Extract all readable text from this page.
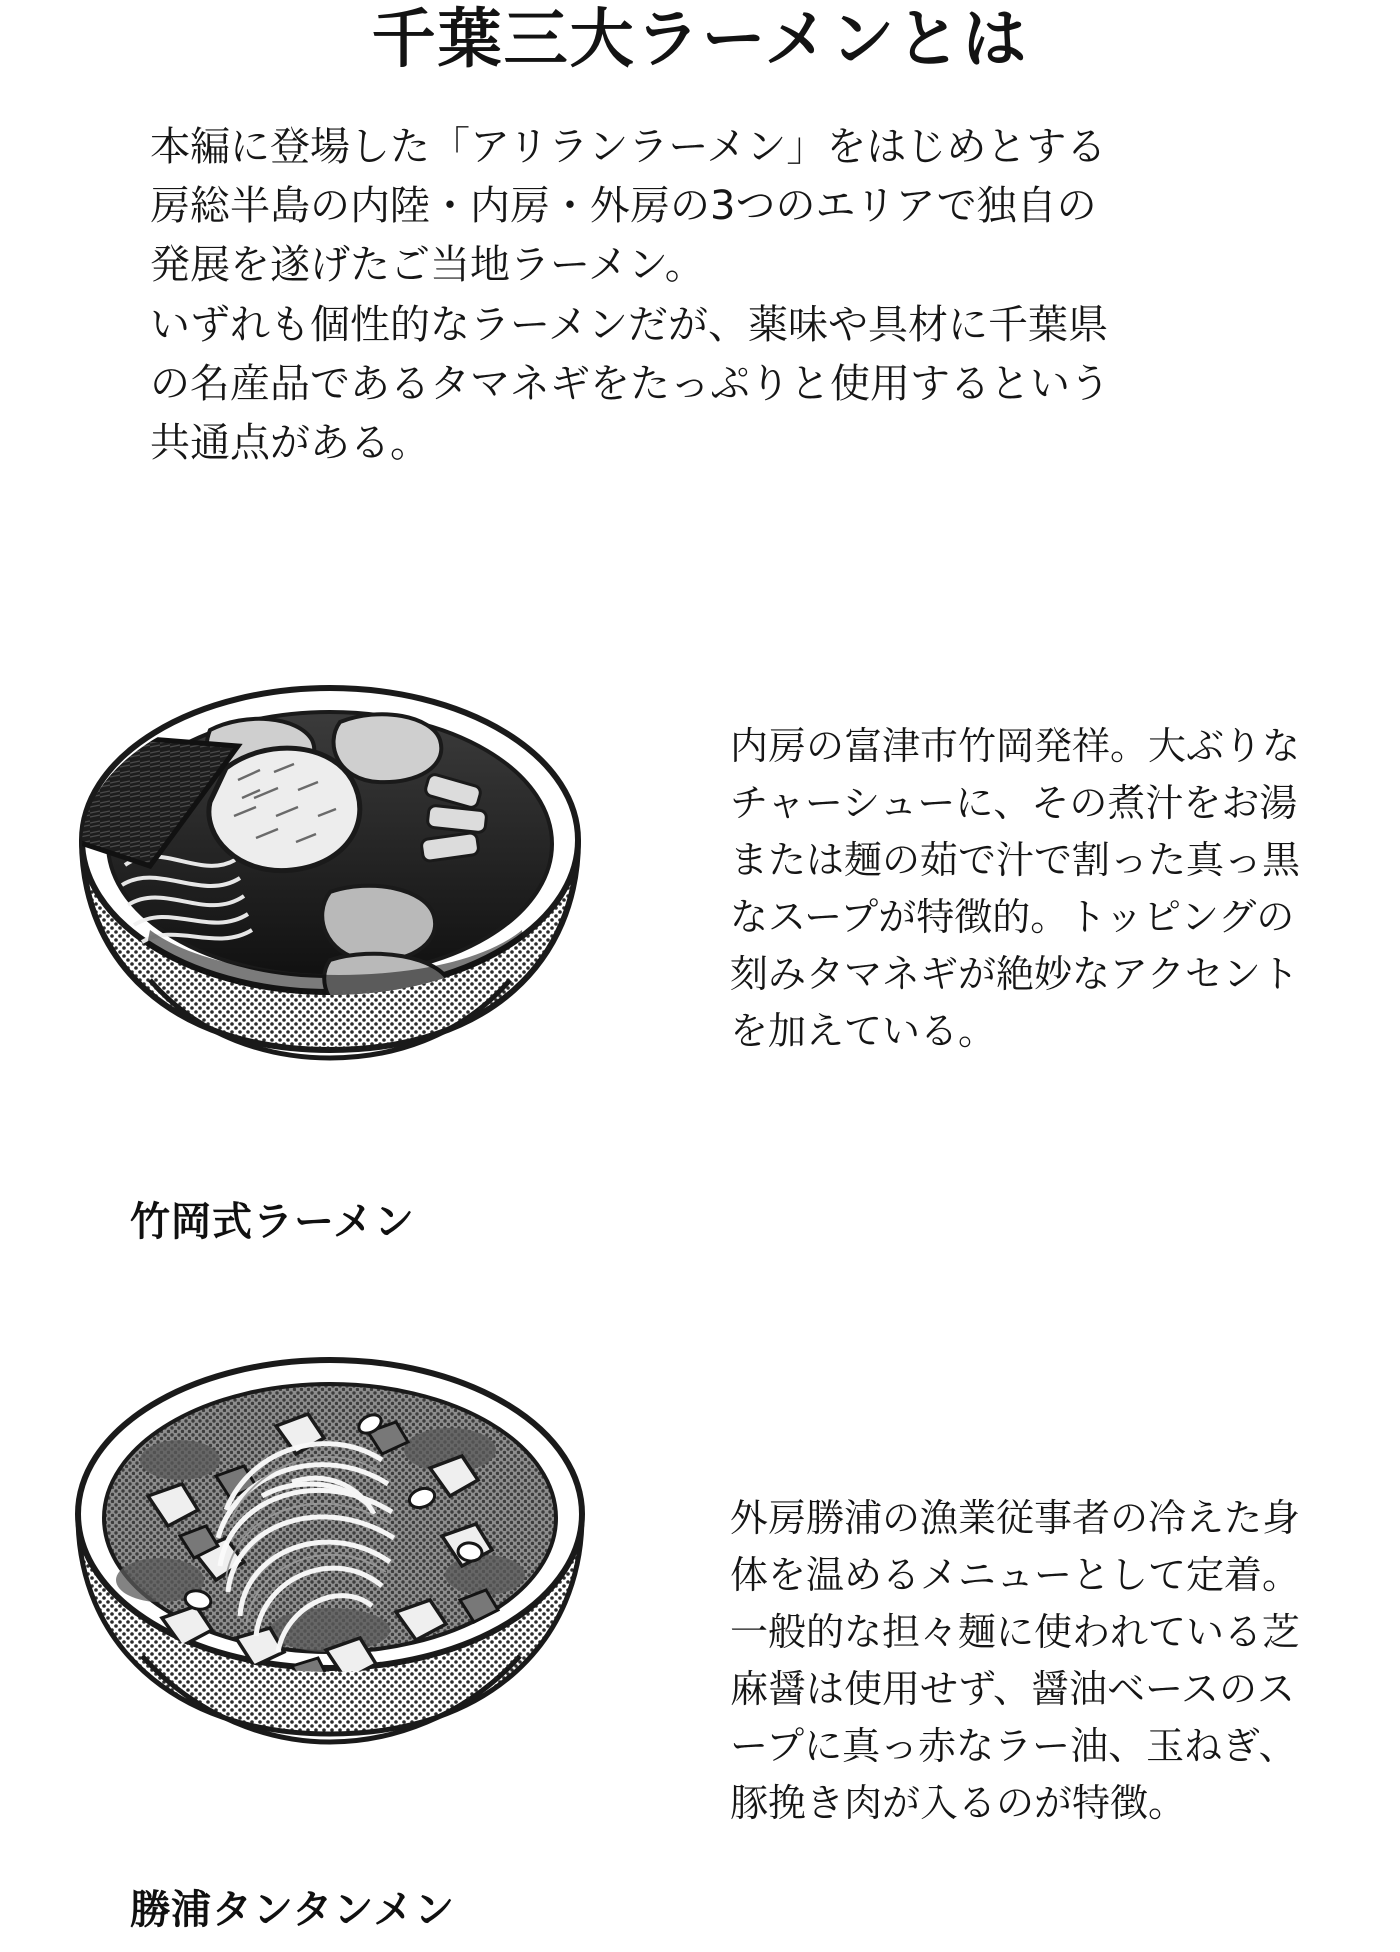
千葉三大ラーメンとは

本編に登場した「アリランラーメン」をはじめとする

房総半島の内陸・内房・外房の3つのエリアで独自の

発展を遂げたご当地ラーメン。

いずれも個性的なラーメンだが、薬味や具材に千葉県

の名産品であるタマネギをたっぷりと使用するという

共通点がある。

竹岡式ラーメン

内房の富津市竹岡発祥。大ぶりな

チャーシューに、その煮汁をお湯

または麺の茹で汁で割った真っ黒

なスープが特徴的。トッピングの

刻みタマネギが絶妙なアクセント

を加えている。

勝浦タンタンメン

外房勝浦の漁業従事者の冷えた身

体を温めるメニューとして定着。

一般的な担々麺に使われている芝

麻醤は使用せず、醤油ベースのス

ープに真っ赤なラー油、玉ねぎ、

豚挽き肉が入るのが特徴。
